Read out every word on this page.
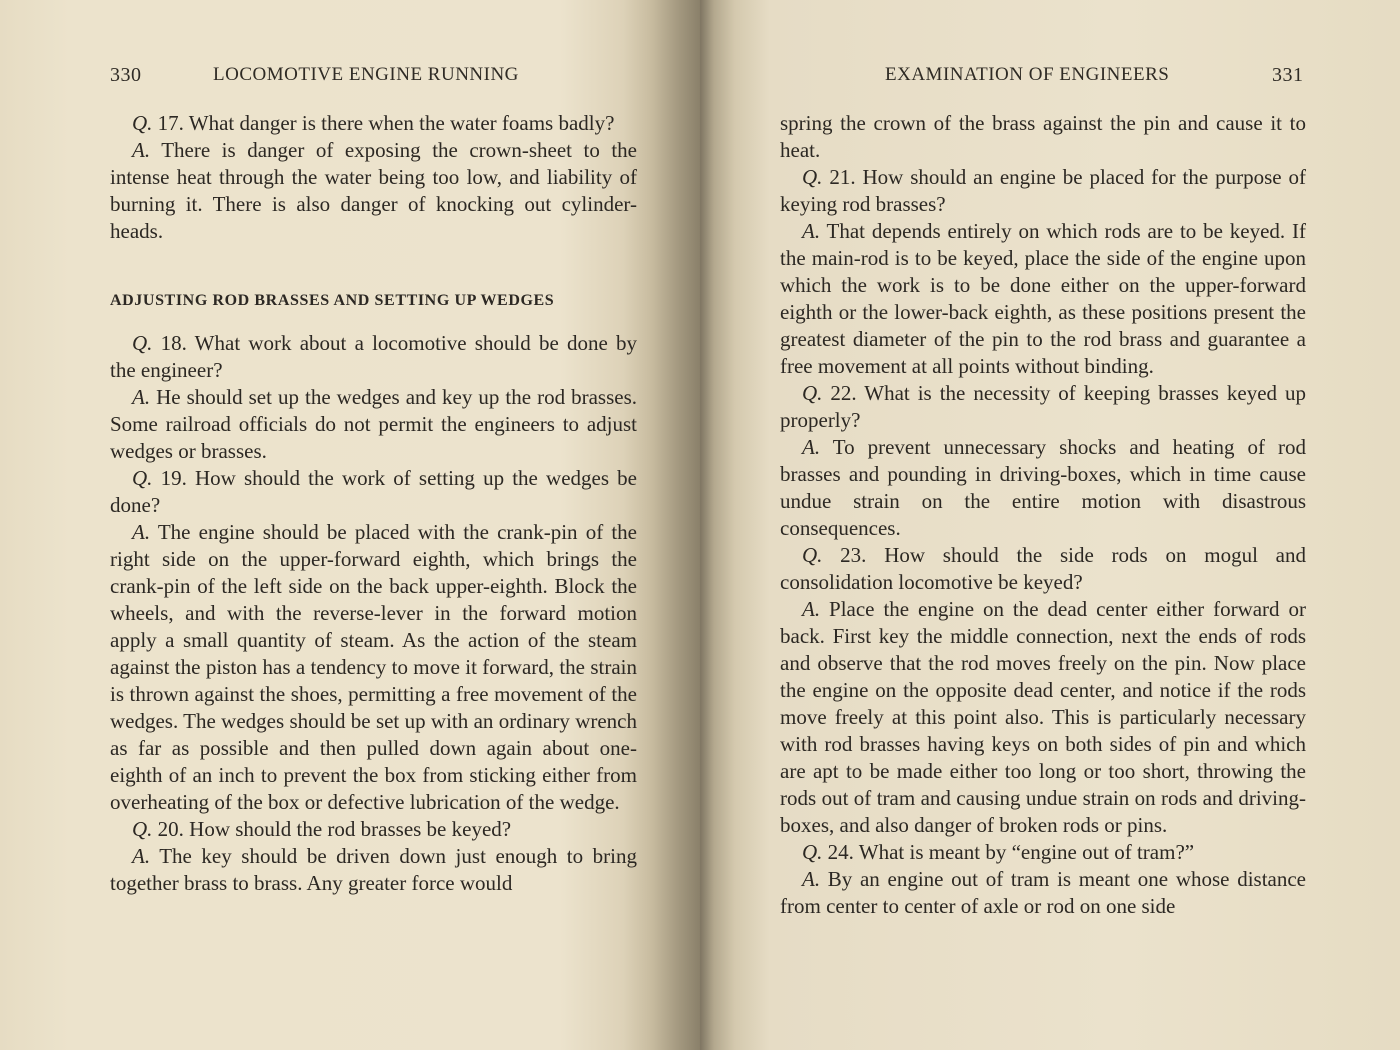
330	LOCOMOTIVE ENGINE RUNNING

Q. 17. What danger is there when the water foams badly?

A. There is danger of exposing the crown-sheet to the intense heat through the water being too low, and liability of burning it. There is also danger of knocking out cylinder-heads.

ADJUSTING ROD BRASSES AND SETTING UP WEDGES

Q. 18. What work about a locomotive should be done by the engineer?

A. He should set up the wedges and key up the rod brasses. Some railroad officials do not permit the engineers to adjust wedges or brasses.

Q. 19. How should the work of setting up the wedges be done?

A. The engine should be placed with the crank-pin of the right side on the upper-forward eighth, which brings the crank-pin of the left side on the back upper-eighth. Block the wheels, and with the reverse-lever in the forward motion apply a small quantity of steam. As the action of the steam against the piston has a tendency to move it forward, the strain is thrown against the shoes, permitting a free movement of the wedges. The wedges should be set up with an ordinary wrench as far as possible and then pulled down again about one-eighth of an inch to prevent the box from sticking either from overheating of the box or defective lubrication of the wedge.

Q. 20. How should the rod brasses be keyed?

A. The key should be driven down just enough to bring together brass to brass. Any greater force would

EXAMINATION OF ENGINEERS	331

spring the crown of the brass against the pin and cause it to heat.

Q. 21. How should an engine be placed for the purpose of keying rod brasses?

A. That depends entirely on which rods are to be keyed. If the main-rod is to be keyed, place the side of the engine upon which the work is to be done either on the upper-forward eighth or the lower-back eighth, as these positions present the greatest diameter of the pin to the rod brass and guarantee a free movement at all points without binding.

Q. 22. What is the necessity of keeping brasses keyed up properly?

A. To prevent unnecessary shocks and heating of rod brasses and pounding in driving-boxes, which in time cause undue strain on the entire motion with disastrous consequences.

Q. 23. How should the side rods on mogul and consolidation locomotive be keyed?

A. Place the engine on the dead center either forward or back. First key the middle connection, next the ends of rods and observe that the rod moves freely on the pin. Now place the engine on the opposite dead center, and notice if the rods move freely at this point also. This is particularly necessary with rod brasses having keys on both sides of pin and which are apt to be made either too long or too short, throwing the rods out of tram and causing undue strain on rods and driving-boxes, and also danger of broken rods or pins.

Q. 24. What is meant by “engine out of tram?”

A. By an engine out of tram is meant one whose distance from center to center of axle or rod on one side
